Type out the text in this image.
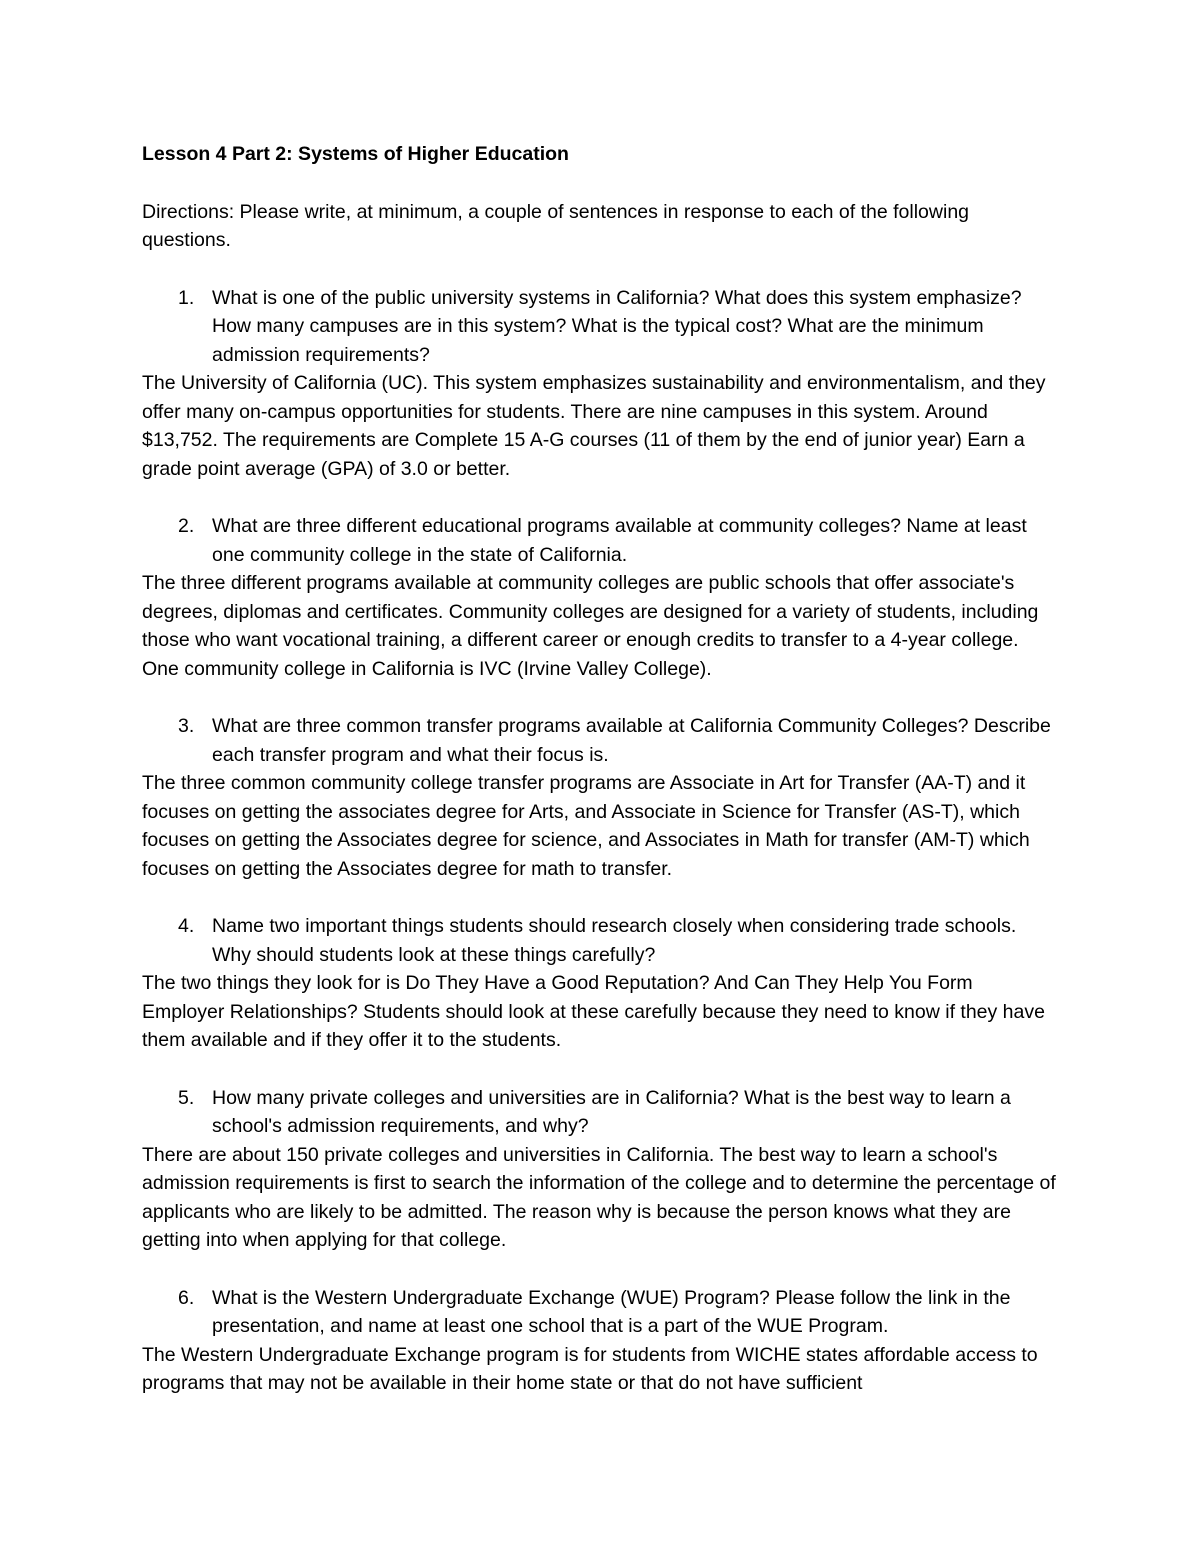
Lesson 4 Part 2: Systems of Higher Education

Directions: Please write, at minimum, a couple of sentences in response to each of the following questions.

1. What is one of the public university systems in California? What does this system emphasize? How many campuses are in this system? What is the typical cost? What are the minimum admission requirements?

The University of California (UC). This system emphasizes sustainability and environmentalism, and they offer many on-campus opportunities for students. There are nine campuses in this system. Around $13,752. The requirements are Complete 15 A-G courses (11 of them by the end of junior year) Earn a grade point average (GPA) of 3.0 or better.

2. What are three different educational programs available at community colleges? Name at least one community college in the state of California.

The three different programs available at community colleges are public schools that offer associate's degrees, diplomas and certificates. Community colleges are designed for a variety of students, including those who want vocational training, a different career or enough credits to transfer to a 4-year college. One community college in California is IVC (Irvine Valley College).

3. What are three common transfer programs available at California Community Colleges? Describe each transfer program and what their focus is.

The three common community college transfer programs are Associate in Art for Transfer (AA-T) and it focuses on getting the associates degree for Arts, and Associate in Science for Transfer (AS-T), which focuses on getting the Associates degree for science, and Associates in Math for transfer (AM-T) which focuses on getting the Associates degree for math to transfer.

4. Name two important things students should research closely when considering trade schools. Why should students look at these things carefully?

The two things they look for is Do They Have a Good Reputation? And Can They Help You Form Employer Relationships? Students should look at these carefully because they need to know if they have them available and if they offer it to the students.

5. How many private colleges and universities are in California? What is the best way to learn a school's admission requirements, and why?

There are about 150 private colleges and universities in California. The best way to learn a school's admission requirements is first to search the information of the college and to determine the percentage of applicants who are likely to be admitted. The reason why is because the person knows what they are getting into when applying for that college.

6. What is the Western Undergraduate Exchange (WUE) Program? Please follow the link in the presentation, and name at least one school that is a part of the WUE Program.

The Western Undergraduate Exchange program is for students from WICHE states affordable access to programs that may not be available in their home state or that do not have sufficient
